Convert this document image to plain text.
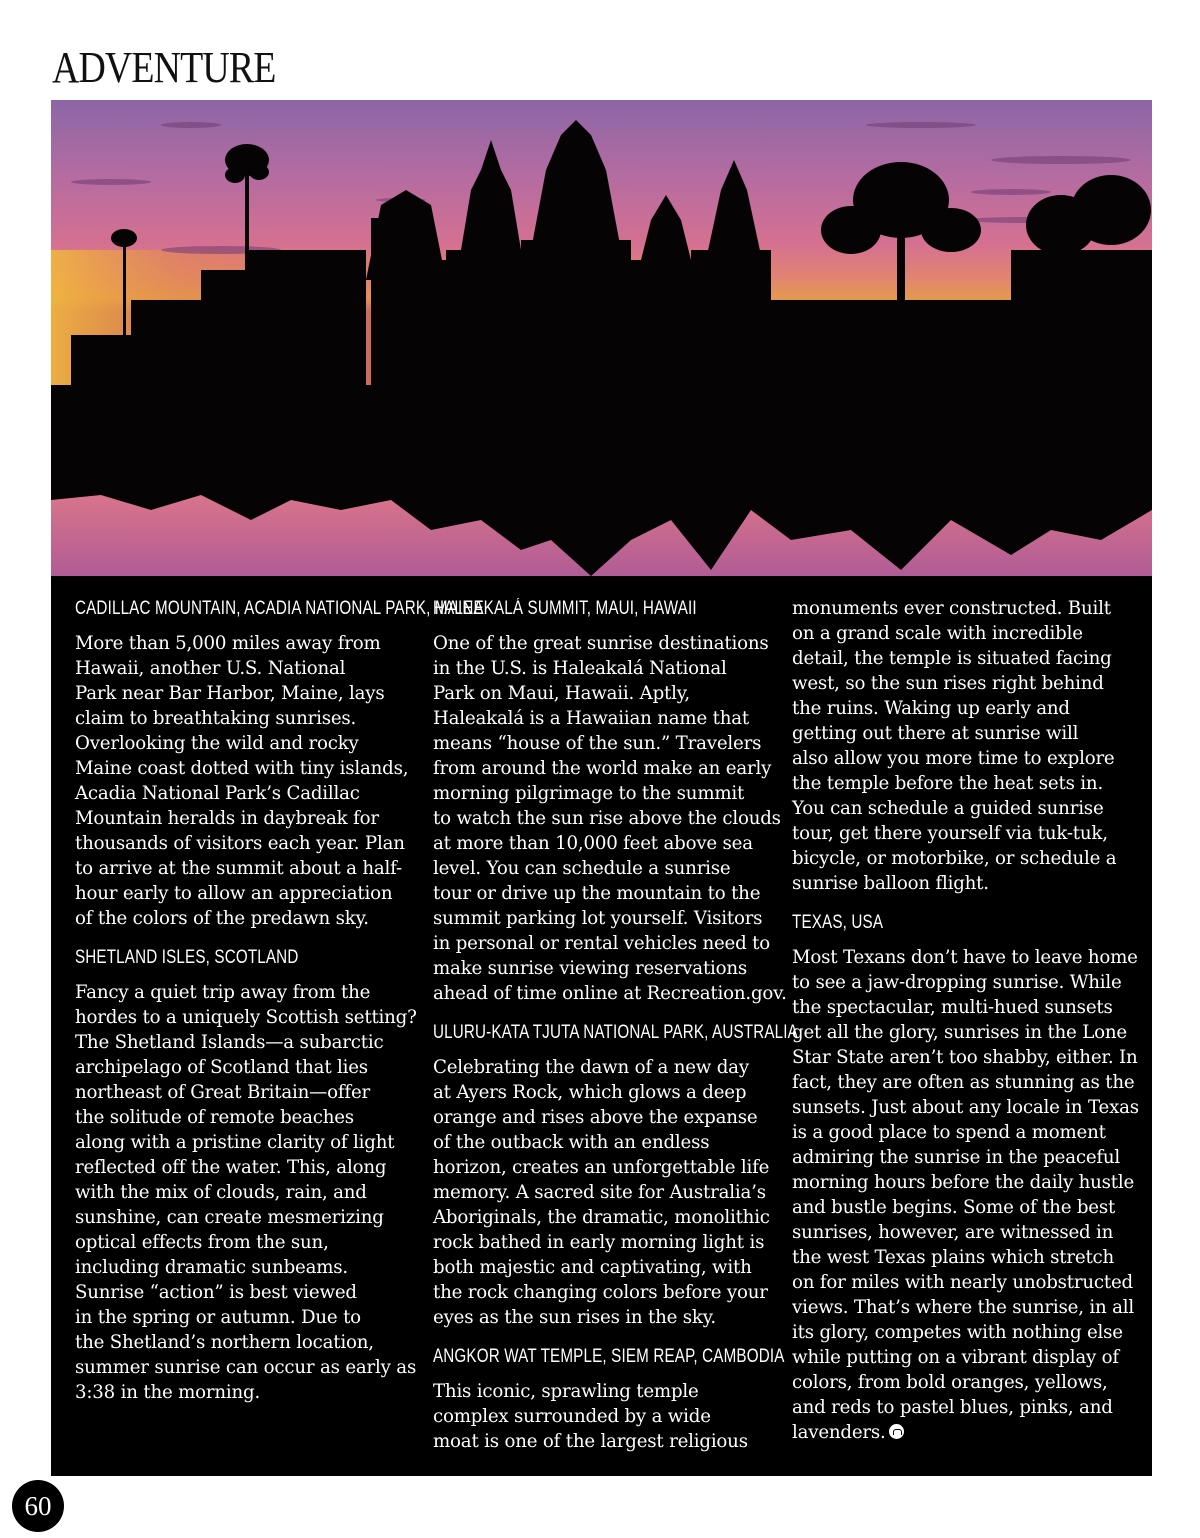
ADVENTURE
CADILLAC MOUNTAIN, ACADIA NATIONAL PARK, MAINE
More than 5,000 miles away from
Hawaii, another U.S. National
Park near Bar Harbor, Maine, lays
claim to breathtaking sunrises.
Overlooking the wild and rocky
Maine coast dotted with tiny islands,
Acadia National Park’s Cadillac
Mountain heralds in daybreak for
thousands of visitors each year. Plan
to arrive at the summit about a half-
hour early to allow an appreciation
of the colors of the predawn sky.
SHETLAND ISLES, SCOTLAND
Fancy a quiet trip away from the
hordes to a uniquely Scottish setting?
The Shetland Islands—a subarctic
archipelago of Scotland that lies
northeast of Great Britain—offer
the solitude of remote beaches
along with a pristine clarity of light
reflected off the water. This, along
with the mix of clouds, rain, and
sunshine, can create mesmerizing
optical effects from the sun,
including dramatic sunbeams.
Sunrise “action” is best viewed
in the spring or autumn. Due to
the Shetland’s northern location,
summer sunrise can occur as early as
3:38 in the morning.
HALEAKALÁ SUMMIT, MAUI, HAWAII
One of the great sunrise destinations
in the U.S. is Haleakalá National
Park on Maui, Hawaii. Aptly,
Haleakalá is a Hawaiian name that
means “house of the sun.” Travelers
from around the world make an early
morning pilgrimage to the summit
to watch the sun rise above the clouds
at more than 10,000 feet above sea
level. You can schedule a sunrise
tour or drive up the mountain to the
summit parking lot yourself. Visitors
in personal or rental vehicles need to
make sunrise viewing reservations
ahead of time online at Recreation.gov.
ULURU-KATA TJUTA NATIONAL PARK, AUSTRALIA
Celebrating the dawn of a new day
at Ayers Rock, which glows a deep
orange and rises above the expanse
of the outback with an endless
horizon, creates an unforgettable life
memory. A sacred site for Australia’s
Aboriginals, the dramatic, monolithic
rock bathed in early morning light is
both majestic and captivating, with
the rock changing colors before your
eyes as the sun rises in the sky.
ANGKOR WAT TEMPLE, SIEM REAP, CAMBODIA
This iconic, sprawling temple
complex surrounded by a wide
moat is one of the largest religious
monuments ever constructed. Built
on a grand scale with incredible
detail, the temple is situated facing
west, so the sun rises right behind
the ruins. Waking up early and
getting out there at sunrise will
also allow you more time to explore
the temple before the heat sets in.
You can schedule a guided sunrise
tour, get there yourself via tuk-tuk,
bicycle, or motorbike, or schedule a
sunrise balloon flight.
TEXAS, USA
Most Texans don’t have to leave home
to see a jaw-dropping sunrise. While
the spectacular, multi-hued sunsets
get all the glory, sunrises in the Lone
Star State aren’t too shabby, either. In
fact, they are often as stunning as the
sunsets. Just about any locale in Texas
is a good place to spend a moment
admiring the sunrise in the peaceful
morning hours before the daily hustle
and bustle begins. Some of the best
sunrises, however, are witnessed in
the west Texas plains which stretch
on for miles with nearly unobstructed
views. That’s where the sunrise, in all
its glory, competes with nothing else
while putting on a vibrant display of
colors, from bold oranges, yellows,
and reds to pastel blues, pinks, and
lavenders.
60
